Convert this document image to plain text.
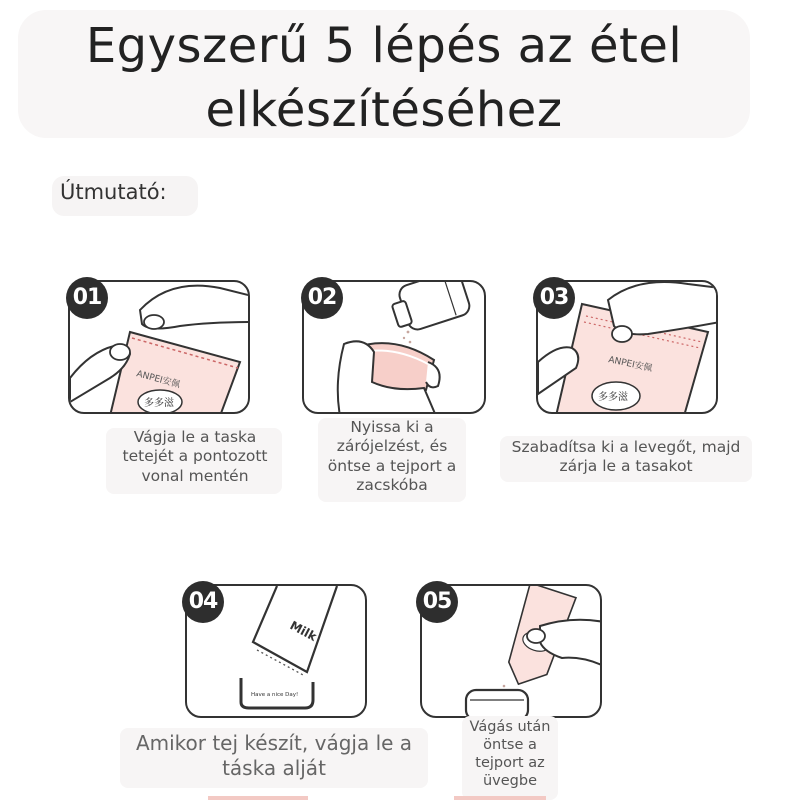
Egyszerű 5 lépés az étel
elkészítéséhez
Útmutató:
01
ANPEI安佩
多多滋
Vágja le a taska
tetejét a pontozott
vonal mentén
02
Nyissa ki a
zárójelzést, és
öntse a tejport a
zacskóba
03
ANPEI安佩
多多滋
Szabadítsa ki a levegőt, majd
zárja le a tasakot
04
Milk
Have a nice Day!
Amikor tej készít, vágja le a
táska alját
05
Vágás után
öntse a
tejport az
üvegbe
